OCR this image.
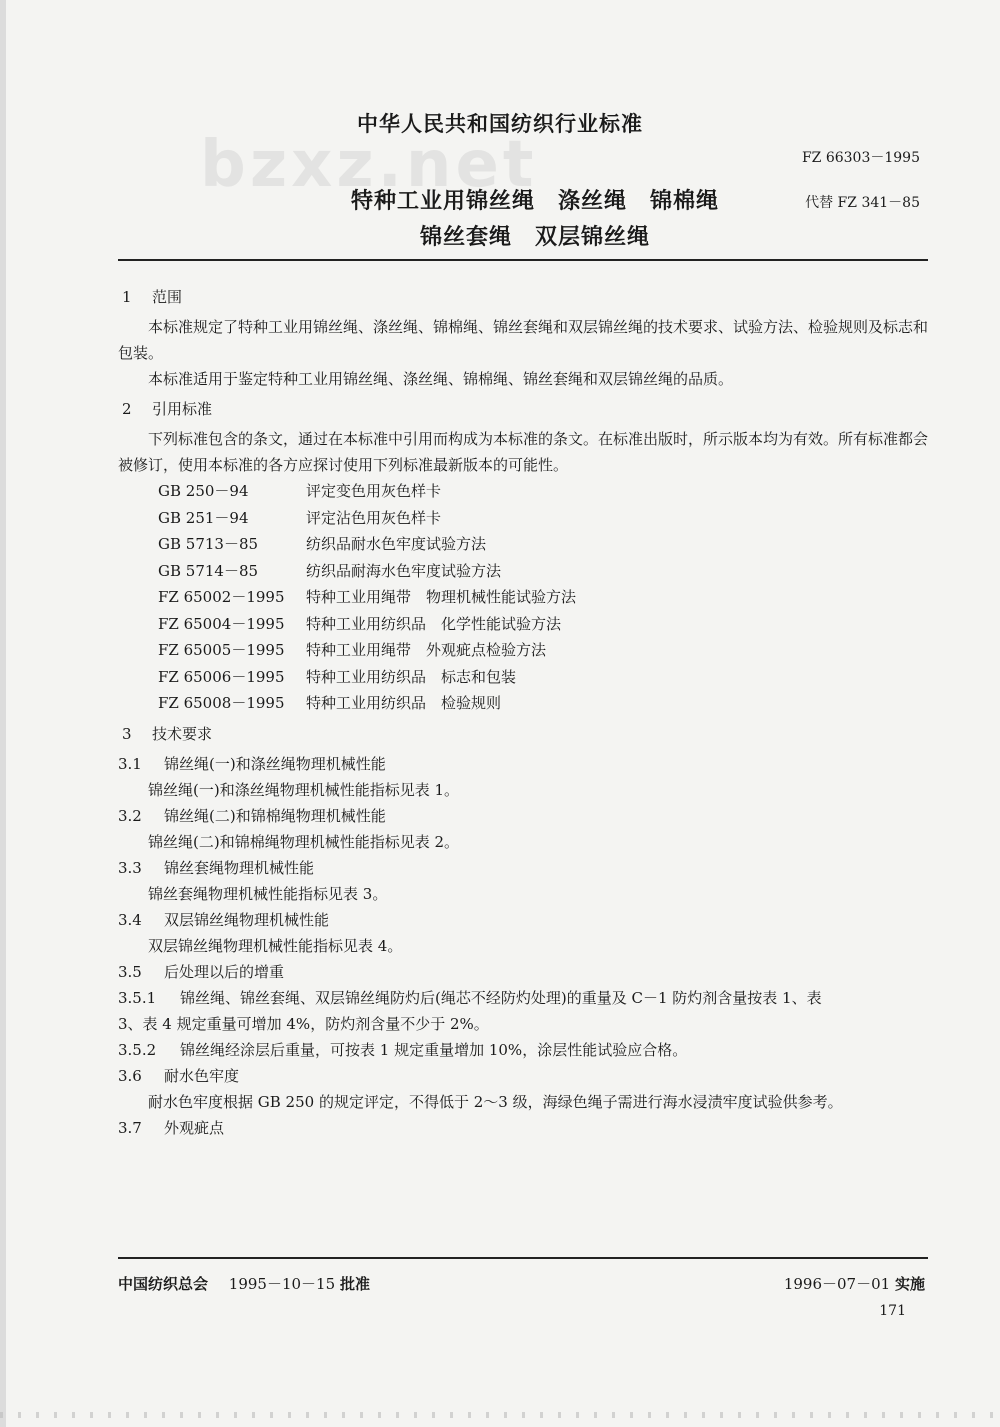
中华人民共和国纺织行业标准
FZ 66303－1995
bzxz.net
特种工业用锦丝绳　涤丝绳　锦棉绳
锦丝套绳　双层锦丝绳
代替 FZ 341－85
1 范围
本标准规定了特种工业用锦丝绳、涤丝绳、锦棉绳、锦丝套绳和双层锦丝绳的技术要求、试验方法、检验规则及标志和包装。
本标准适用于鉴定特种工业用锦丝绳、涤丝绳、锦棉绳、锦丝套绳和双层锦丝绳的品质。
2 引用标准
下列标准包含的条文，通过在本标准中引用而构成为本标准的条文。在标准出版时，所示版本均为有效。所有标准都会被修订，使用本标准的各方应探讨使用下列标准最新版本的可能性。
GB 250－94	评定变色用灰色样卡
GB 251－94	评定沾色用灰色样卡
GB 5713－85	纺织品耐水色牢度试验方法
GB 5714－85	纺织品耐海水色牢度试验方法
FZ 65002－1995	特种工业用绳带　物理机械性能试验方法
FZ 65004－1995	特种工业用纺织品　化学性能试验方法
FZ 65005－1995	特种工业用绳带　外观疵点检验方法
FZ 65006－1995	特种工业用纺织品　标志和包装
FZ 65008－1995	特种工业用纺织品　检验规则
3 技术要求
3.1 锦丝绳(一)和涤丝绳物理机械性能
锦丝绳(一)和涤丝绳物理机械性能指标见表 1。
3.2 锦丝绳(二)和锦棉绳物理机械性能
锦丝绳(二)和锦棉绳物理机械性能指标见表 2。
3.3 锦丝套绳物理机械性能
锦丝套绳物理机械性能指标见表 3。
3.4 双层锦丝绳物理机械性能
双层锦丝绳物理机械性能指标见表 4。
3.5 后处理以后的增重
3.5.1 锦丝绳、锦丝套绳、双层锦丝绳防灼后(绳芯不经防灼处理)的重量及 C－1 防灼剂含量按表 1、表
3、表 4 规定重量可增加 4%，防灼剂含量不少于 2%。
3.5.2 锦丝绳经涂层后重量，可按表 1 规定重量增加 10%，涂层性能试验应合格。
3.6 耐水色牢度
耐水色牢度根据 GB 250 的规定评定，不得低于 2～3 级，海绿色绳子需进行海水浸渍牢度试验供参考。
3.7 外观疵点
中国纺织总会 1995－10－15 批准	1996－07－01 实施
171
